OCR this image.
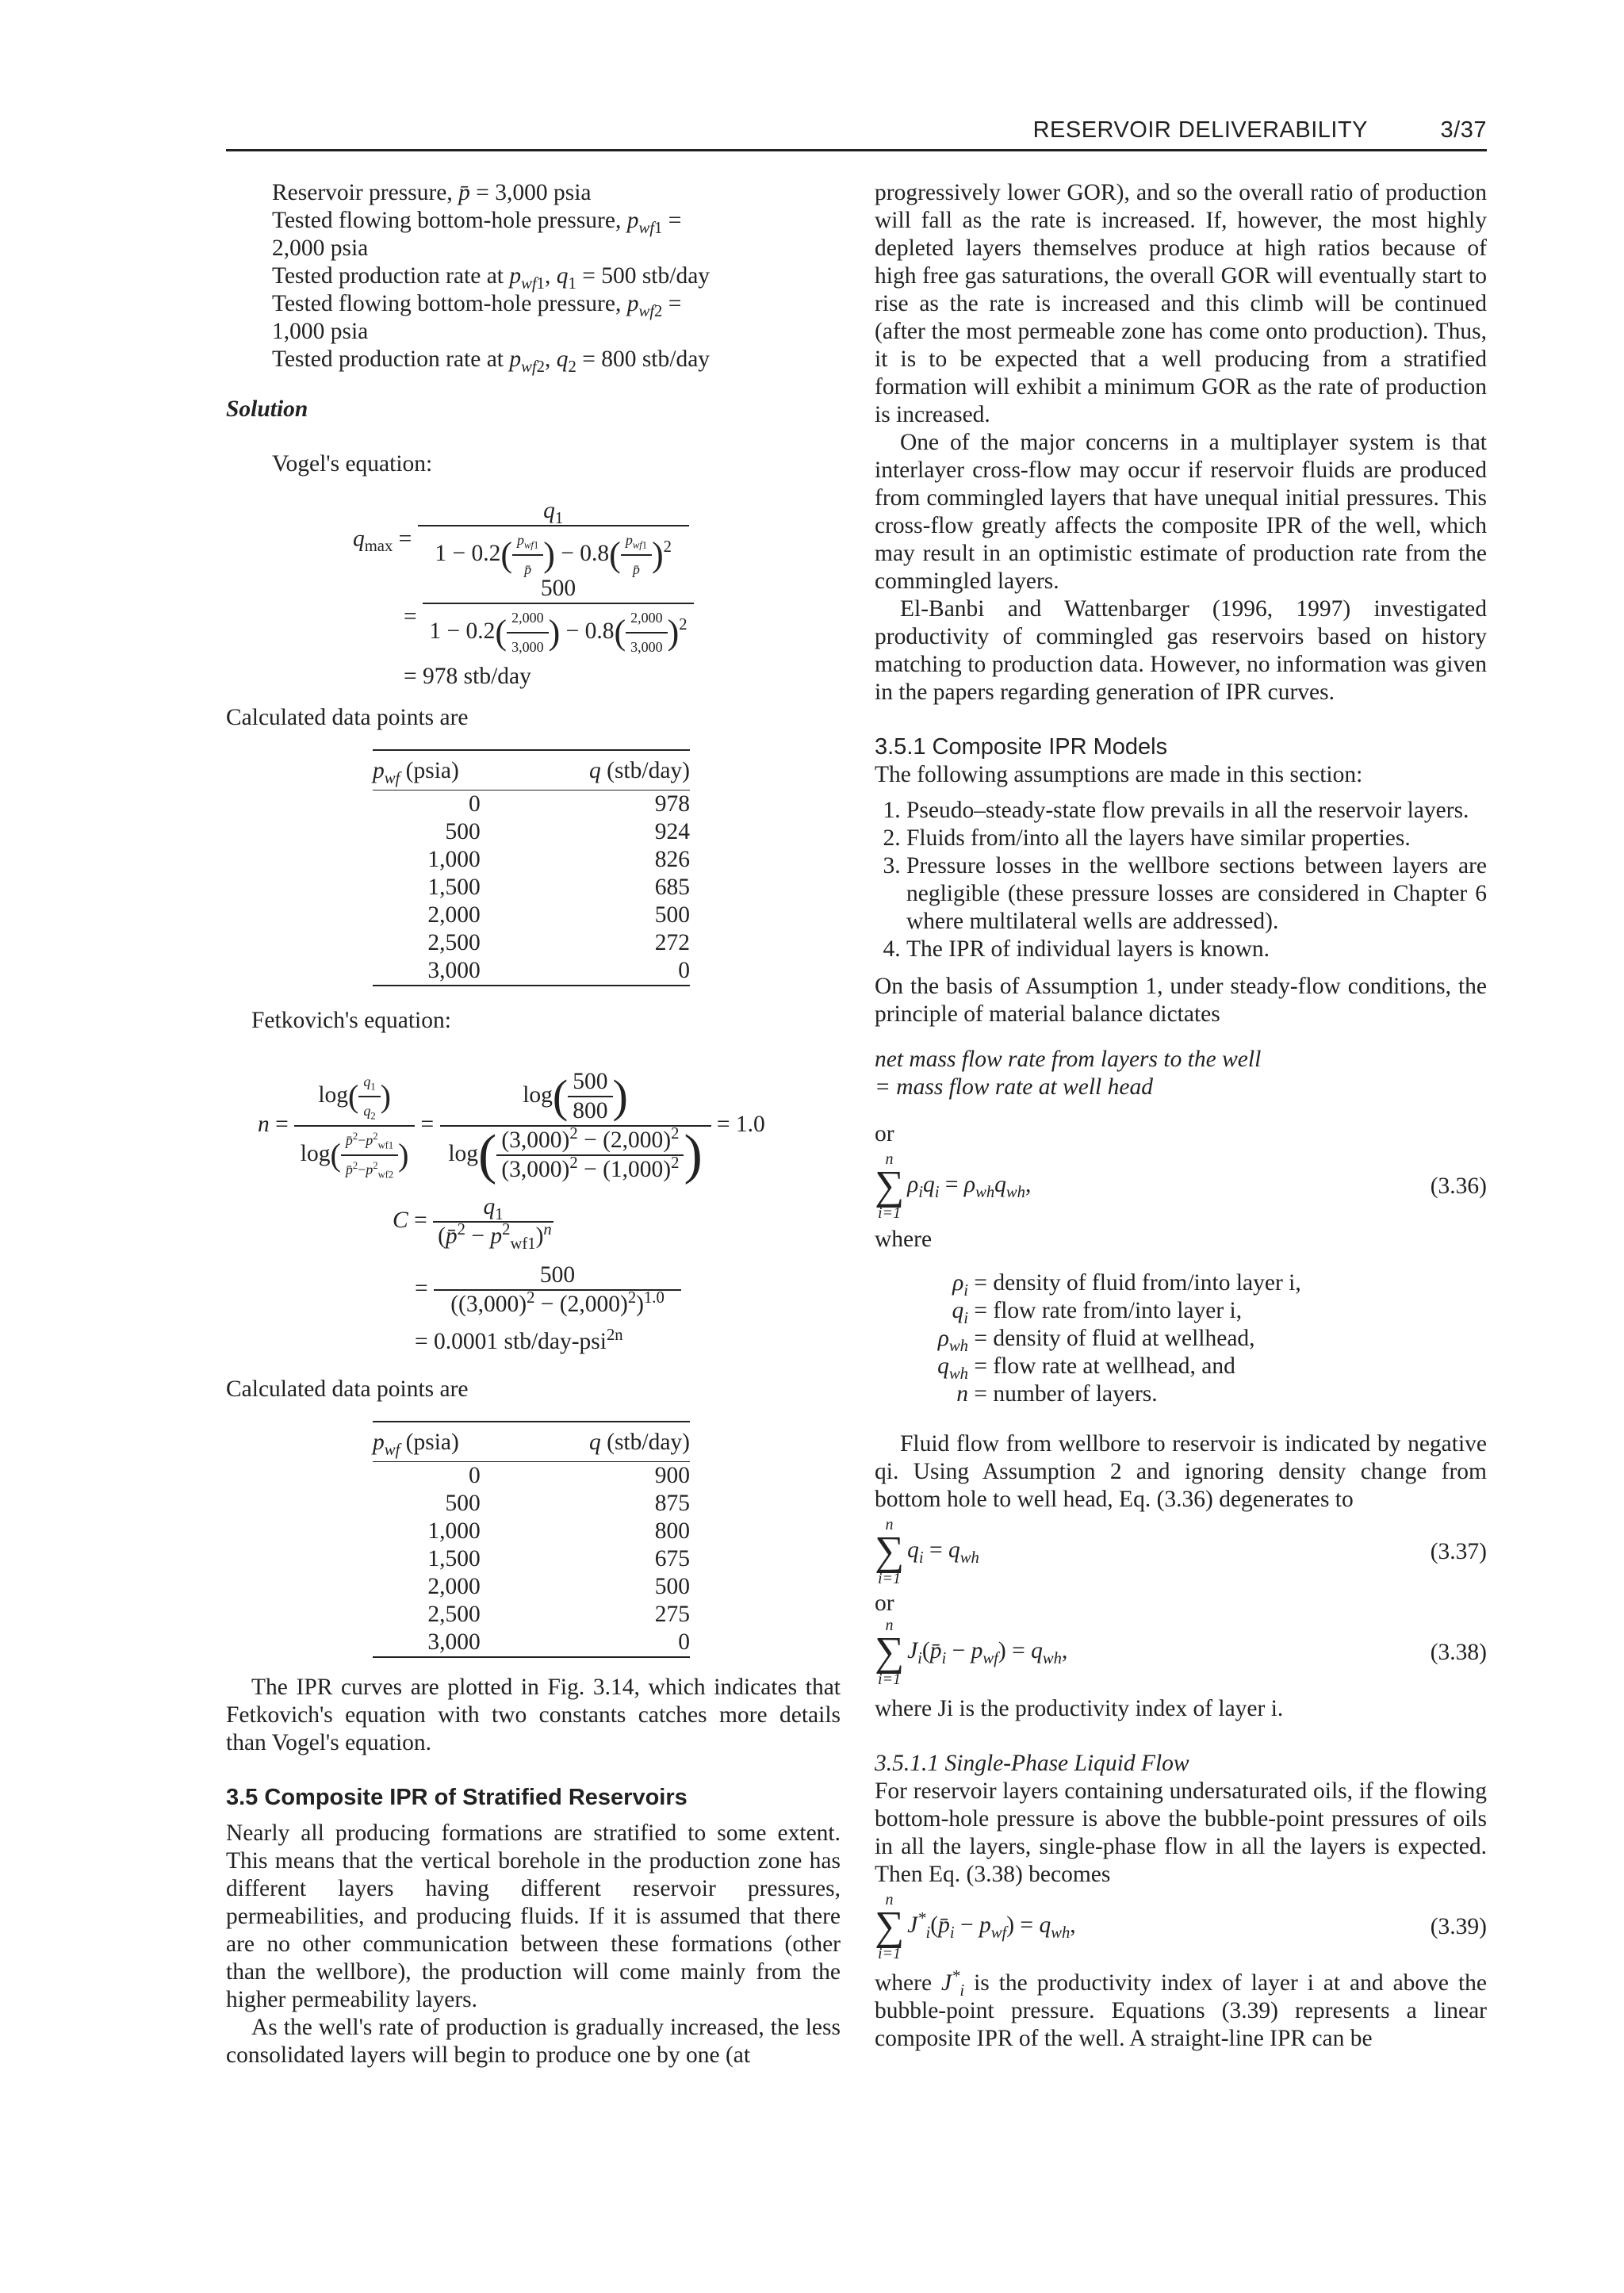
RESERVOIR DELIVERABILITY	3/37
Reservoir pressure, p̄ = 3,000 psia
Tested flowing bottom-hole pressure, $p_{wf1}$ =
2,000 psia
Tested production rate at $p_{wf1}$, $q_1 = 500$ stb/day
Tested flowing bottom-hole pressure, $p_{wf2}$ =
1,000 psia
Tested production rate at $p_{wf2}$, $q_2 = 800$ stb/day

Solution

Vogel's equation:

$q_{max} = \frac{q_1}{1 - 0.2( \frac{p_{wf1}}{p̄} ) - 0.8( \frac{p_{wf1}}{p̄} )^2}$
= $\frac{500}{1 - 0.2( \frac{2,000}{3,000} ) - 0.8( \frac{2,000}{3,000} )^2}$
= 978 stb/day

Calculated data points are

$p_{wf}$ (psia)	q (stb/day)
0	978
500	924
1,000	826
1,500	685
2,000	500
2,500	272
3,000	0

Fetkovich's equation:

$n = \frac{\log( \frac{q_1}{q_2} )}{\log( \frac{p̄^2-p^2_{wf1}}{p̄^2-p^2_{wf2}} )} = \frac{\log( \frac{500}{800} )}{\log( \frac{(3,000)^2 - (2,000)^2}{(3,000)^2 - (1,000)^2} )} = 1.0$
$C = \frac{q_1}{(p̄^2 - p^2_{wf1})^n}$
= $\frac{500}{((3,000)^2 - (2,000)^2)^{1.0}}$
= 0.0001 stb/day-psi$^{2n}$

Calculated data points are

$p_{wf}$ (psia)	q (stb/day)
0	900
500	875
1,000	800
1,500	675
2,000	500
2,500	275
3,000	0

The IPR curves are plotted in Fig. 3.14, which indicates that Fetkovich's equation with two constants catches more details than Vogel's equation.

3.5 Composite IPR of Stratified Reservoirs

Nearly all producing formations are stratified to some extent. This means that the vertical borehole in the production zone has different layers having different reservoir pressures, permeabilities, and producing fluids. If it is assumed that there are no other communication between these formations (other than the wellbore), the production will come mainly from the higher permeability layers.

As the well's rate of production is gradually increased, the less consolidated layers will begin to produce one by one (at

progressively lower GOR), and so the overall ratio of production will fall as the rate is increased. If, however, the most highly depleted layers themselves produce at high ratios because of high free gas saturations, the overall GOR will eventually start to rise as the rate is increased and this climb will be continued (after the most permeable zone has come onto production). Thus, it is to be expected that a well producing from a stratified formation will exhibit a minimum GOR as the rate of production is increased.

One of the major concerns in a multiplayer system is that interlayer cross-flow may occur if reservoir fluids are produced from commingled layers that have unequal initial pressures. This cross-flow greatly affects the composite IPR of the well, which may result in an optimistic estimate of production rate from the commingled layers.

El-Banbi and Wattenbarger (1996, 1997) investigated productivity of commingled gas reservoirs based on history matching to production data. However, no information was given in the papers regarding generation of IPR curves.

3.5.1 Composite IPR Models

The following assumptions are made in this section:

1. Pseudo–steady-state flow prevails in all the reservoir layers.
2. Fluids from/into all the layers have similar properties.
3. Pressure losses in the wellbore sections between layers are negligible (these pressure losses are considered in Chapter 6 where multilateral wells are addressed).
4. The IPR of individual layers is known.

On the basis of Assumption 1, under steady-flow conditions, the principle of material balance dictates

net mass flow rate from layers to the well

= mass flow rate at well head

or

n
∑
i=1
$\rho_iq_i = \rho_{wh}q_{wh}$,	(3.36)

where

$\rho_i$ = density of fluid from/into layer i,
$q_i$ = flow rate from/into layer i,
$\rho_{wh}$ = density of fluid at wellhead,
$q_{wh}$ = flow rate at wellhead, and
n = number of layers.

Fluid flow from wellbore to reservoir is indicated by negative qi. Using Assumption 2 and ignoring density change from bottom hole to well head, Eq. (3.36) degenerates to

n
∑
i=1
$q_i = q_{wh}$	(3.37)

or

n
∑
i=1
$J_i(p̄_i - p_{wf}) = q_{wh}$,	(3.38)

where Ji is the productivity index of layer i.

3.5.1.1 Single-Phase Liquid Flow

For reservoir layers containing undersaturated oils, if the flowing bottom-hole pressure is above the bubble-point pressures of oils in all the layers, single-phase flow in all the layers is expected. Then Eq. (3.38) becomes

n
∑
i=1
$J^*_i(p̄_i - p_{wf}) = q_{wh}$,	(3.39)

where $J^*_i$ is the productivity index of layer i at and above the bubble-point pressure. Equations (3.39) represents a linear composite IPR of the well. A straight-line IPR can be
